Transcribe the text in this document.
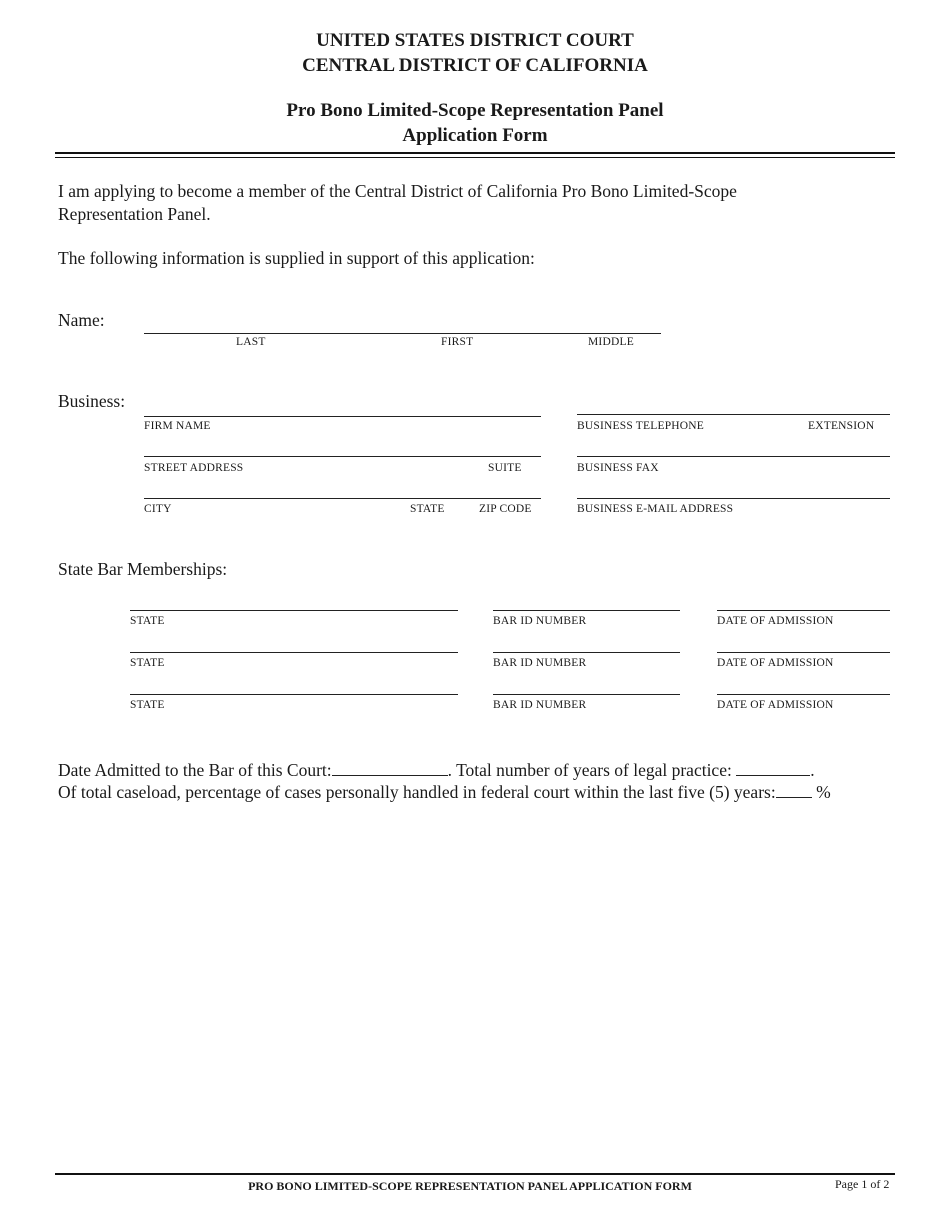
UNITED STATES DISTRICT COURT
CENTRAL DISTRICT OF CALIFORNIA
Pro Bono Limited-Scope Representation Panel
Application Form
I am applying to become a member of the Central District of California Pro Bono Limited-Scope
Representation Panel.
The following information is supplied in support of this application:
Name:
LAST	FIRST	MIDDLE
Business:
FIRM NAME	BUSINESS TELEPHONE	EXTENSION
STREET ADDRESS	SUITE	BUSINESS FAX
CITY	STATE	ZIP CODE	BUSINESS E-MAIL ADDRESS
State Bar Memberships:
STATE	BAR ID NUMBER	DATE OF ADMISSION
STATE	BAR ID NUMBER	DATE OF ADMISSION
STATE	BAR ID NUMBER	DATE OF ADMISSION
Date Admitted to the Bar of this Court:	. Total number of years of legal practice:	.
Of total caseload, percentage of cases personally handled in federal court within the last five (5) years: %
PRO BONO LIMITED-SCOPE REPRESENTATION PANEL APPLICATION FORM	Page 1 of 2
